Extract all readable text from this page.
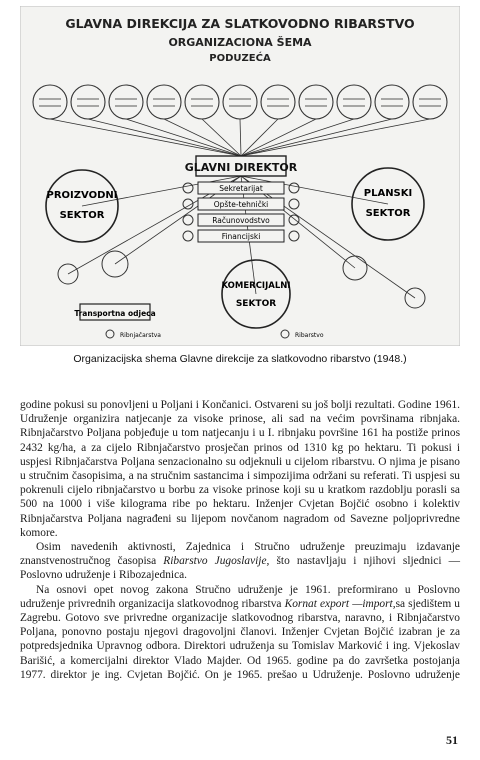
GLAVNA DIREKCIJA ZA SLATKOVODNO RIBARSTVO
ORGANIZACIONA ŠEMA
PODUZEĆA
GLAVNI DIREKTOR
Sekretarijat
Opšte-tehnički
Računovodstvo
Financijski
PROIZVODNI
SEKTOR
PLANSKI
SEKTOR
KOMERCIJALNI
SEKTOR
Transportna odjeca
Ribnjačarstva	Ribarstvo
Organizacijska shema Glavne direkcije za slatkovodno ribarstvo (1948.)

godine pokusi su ponovljeni u Poljani i Končanici. Ostvareni su još bolji rezultati. Godine 1961. Udruženje organizira natjecanje za visoke prinose, ali sad na većim površinama ribnjaka. Ribnjačarstvo Poljana pobjeđuje u tom natjecanju i u I. ribnjaku površine 161 ha postiže prinos 2432 kg/ha, a za cijelo Ribnjačarstvo prosječan prinos od 1310 kg po hektaru. Ti pokusi i uspjesi Ribnjačarstva Poljana senzacionalno su odjeknuli u cijelom ribarstvu. O njima je pisano u stručnim časopisima, a na stručnim sastancima i simpozijima održani su referati. Ti uspjesi su pokrenuli cijelo ribnjačarstvo u borbu za visoke prinose koji su u kratkom razdoblju porasli sa 500 na 1000 i više kilograma ribe po hektaru. Inženjer Cvjetan Bojčić osobno i kolektiv Ribnjačarstva Poljana nagrađeni su lijepom novčanom nagradom od Savezne poljoprivredne komore.

Osim navedenih aktivnosti, Zajednica i Stručno udruženje preuzimaju izdavanje znanstvenostručnog časopisa Ribarstvo Jugoslavije, što nastavljaju i njihovi sljednici — Poslovno udruženje i Ribozajednica.

Na osnovi opet novog zakona Stručno udruženje je 1961. preformirano u Poslovno udruženje privrednih organizacija slatkovodnog ribarstva Kornat export —import,sa sjedištem u Zagrebu. Gotovo sve privredne organizacije slatkovodnog ribarstva, naravno, i Ribnjačarstvo Poljana, ponovno postaju njegovi dragovoljni članovi. Inženjer Cvjetan Bojčić izabran je za potpredsjednika Upravnog odbora. Direktori udruženja su Tomislav Marković i ing. Vjekoslav Barišić, a komercijalni direktor Vlado Majder. Od 1965. godine pa do završetka postojanja 1977. direktor je ing. Cvjetan Bojčić. On je 1965. prešao u Udruženje. Poslovno udruženje

51
